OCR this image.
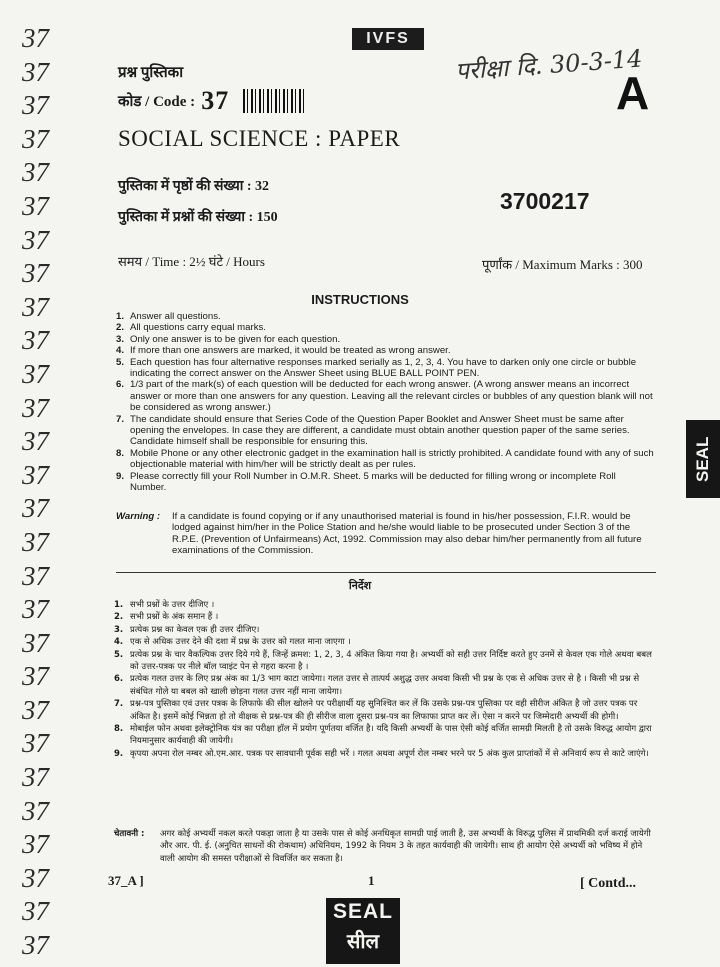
37
37
37
37
37
37
37
37
37
37
37
37
37
37
37
37
37
37
37
37
37
37
37
37
37
37
37
37
IVFS
परीक्षा दि. 30-3-14
A
प्रश्न पुस्तिका
कोड / Code : 37
SOCIAL SCIENCE : PAPER
पुस्तिका में पृष्ठों की संख्या : 32
पुस्तिका में प्रश्नों की संख्या : 150
3700217
समय / Time : 2½ घंटे / Hours	पूर्णांक / Maximum Marks : 300
INSTRUCTIONS
1. Answer all questions.
2. All questions carry equal marks.
3. Only one answer is to be given for each question.
4. If more than one answers are marked, it would be treated as wrong answer.
5. Each question has four alternative responses marked serially as 1, 2, 3, 4. You have to darken only one circle or bubble indicating the correct answer on the Answer Sheet using BLUE BALL POINT PEN.
6. 1/3 part of the mark(s) of each question will be deducted for each wrong answer. (A wrong answer means an incorrect answer or more than one answers for any question. Leaving all the relevant circles or bubbles of any question blank will not be considered as wrong answer.)
7. The candidate should ensure that Series Code of the Question Paper Booklet and Answer Sheet must be same after opening the envelopes. In case they are different, a candidate must obtain another question paper of the same series. Candidate himself shall be responsible for ensuring this.
8. Mobile Phone or any other electronic gadget in the examination hall is strictly prohibited. A candidate found with any of such objectionable material with him/her will be strictly dealt as per rules.
9. Please correctly fill your Roll Number in O.M.R. Sheet. 5 marks will be deducted for filling wrong or incomplete Roll Number.
Warning :	If a candidate is found copying or if any unauthorised material is found in his/her possession, F.I.R. would be lodged against him/her in the Police Station and he/she would liable to be prosecuted under Section 3 of the R.P.E. (Prevention of Unfairmeans) Act, 1992. Commission may also debar him/her permanently from all future examinations of the Commission.
निर्देश
1. सभी प्रश्नों के उत्तर दीजिए ।
2. सभी प्रश्नों के अंक समान हैं ।
3. प्रत्येक प्रश्न का केवल एक ही उत्तर दीजिए।
4. एक से अधिक उत्तर देने की दशा में प्रश्न के उत्तर को गलत माना जाएगा ।
5. प्रत्येक प्रश्न के चार वैकल्पिक उत्तर दिये गये हैं, जिन्हें क्रमश: 1, 2, 3, 4 अंकित किया गया है। अभ्यर्थी को सही उत्तर निर्दिष्ट करते हुए उनमें से केवल एक गोले अथवा बबल को उत्तर-पत्रक पर नीले बॉल प्वाइंट पेन से गहरा करना है ।
6. प्रत्येक गलत उत्तर के लिए प्रश्न अंक का 1/3 भाग काटा जायेगा। गलत उत्तर से तात्पर्य अशुद्ध उत्तर अथवा किसी भी प्रश्न के एक से अधिक उत्तर से है । किसी भी प्रश्न से संबंधित गोले या बबल को खाली छोड़ना गलत उत्तर नहीं माना जायेगा।
7. प्रश्न-पत्र पुस्तिका एवं उत्तर पत्रक के लिफाफे की सील खोलने पर परीक्षार्थी यह सुनिश्चित कर लें कि उसके प्रश्न-पत्र पुस्तिका पर वही सीरीज अंकित है जो उत्तर पत्रक पर अंकित है। इसमें कोई भिन्नता हो तो वीक्षक से प्रश्न-पत्र की ही सीरीज वाला दूसरा प्रश्न-पत्र का लिफाफा प्राप्त कर लें। ऐसा न करने पर जिम्मेदारी अभ्यर्थी की होगी।
8. मोबाईल फोन अथवा इलेक्ट्रोनिक यंत्र का परीक्षा हॉल में प्रयोग पूर्णतया वर्जित है। यदि किसी अभ्यर्थी के पास ऐसी कोई वर्जित सामग्री मिलती है तो उसके विरुद्ध आयोग द्वारा नियमानुसार कार्यवाही की जायेगी।
9. कृपया अपना रोल नम्बर ओ.एम.आर. पत्रक पर सावधानी पूर्वक सही भरें । गलत अथवा अपूर्ण रोल नम्बर भरने पर 5 अंक कुल प्राप्तांकों में से अनिवार्य रूप से काटे जाएंगे।
चेतावनी :	अगर कोई अभ्यर्थी नकल करते पकड़ा जाता है या उसके पास से कोई अनधिकृत सामग्री पाई जाती है, उस अभ्यर्थी के विरुद्ध पुलिस में प्राथमिकी दर्ज कराई जायेगी और आर. पी. ई. (अनुचित साधनों की रोकथाम) अधिनियम, 1992 के नियम 3 के तहत कार्यवाही की जायेगी। साथ ही आयोग ऐसे अभ्यर्थी को भविष्य में होने वाली आयोग की समस्त परीक्षाओं से विवर्जित कर सकता है।
37_A ]	1	[ Contd...
SEAL
SEAL
सील
